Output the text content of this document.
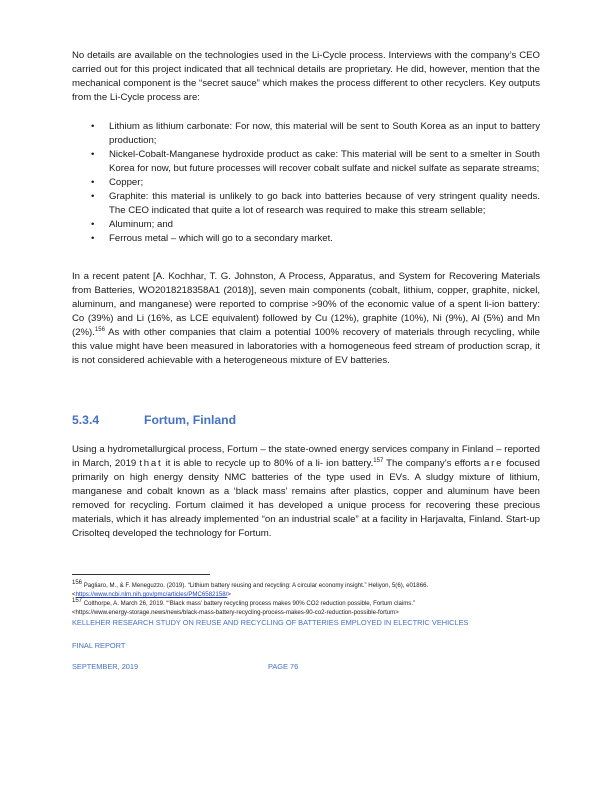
No details are available on the technologies used in the Li-Cycle process. Interviews with the company’s CEO carried out for this project indicated that all technical details are proprietary. He did, however, mention that the mechanical component is the “secret sauce” which makes the process different to other recyclers. Key outputs from the Li-Cycle process are:

• Lithium as lithium carbonate: For now, this material will be sent to South Korea as an input to battery production;
• Nickel-Cobalt-Manganese hydroxide product as cake: This material will be sent to a smelter in South Korea for now, but future processes will recover cobalt sulfate and nickel sulfate as separate streams;
• Copper;
• Graphite: this material is unlikely to go back into batteries because of very stringent quality needs. The CEO indicated that quite a lot of research was required to make this stream sellable;
• Aluminum; and
• Ferrous metal – which will go to a secondary market.

In a recent patent [A. Kochhar, T. G. Johnston, A Process, Apparatus, and System for Recovering Materials from Batteries, WO2018218358A1 (2018)], seven main components (cobalt, lithium, copper, graphite, nickel, aluminum, and manganese) were reported to comprise >90% of the economic value of a spent li-ion battery: Co (39%) and Li (16%, as LCE equivalent) followed by Cu (12%), graphite (10%), Ni (9%), Al (5%) and Mn (2%).$^{156}$ As with other companies that claim a potential 100% recovery of materials through recycling, while this value might have been measured in laboratories with a homogeneous feed stream of production scrap, it is not considered achievable with a heterogeneous mixture of EV batteries.

5.3.4	Fortum, Finland

Using a hydrometallurgical process, Fortum – the state-owned energy services company in Finland – reported in March, 2019 that it is able to recycle up to 80% of a li- ion battery.$^{157}$ The company’s efforts are focused primarily on high energy density NMC batteries of the type used in EVs. A sludgy mixture of lithium, manganese and cobalt known as a ‘black mass’ remains after plastics, copper and aluminum have been removed for recycling. Fortum claimed it has developed a unique process for recovering these precious materials, which it has already implemented “on an industrial scale” at a facility in Harjavalta, Finland. Start-up Crisolteq developed the technology for Fortum.

$^{156}$ Pagliaro, M., & F. Meneguzzo. (2019). “Lithium battery reusing and recycling: A circular economy insight.” Heliyon, 5(6), e01866.
<https://www.ncbi.nlm.nih.gov/pmc/articles/PMC6582158/>

$^{157}$ Colthorpe, A. March 26, 2019. “‘Black mass’ battery recycling process makes 90% CO2 reduction possible, Fortum claims.”
<https://www.energy-storage.news/news/black-mass-battery-recycling-process-makes-90-co2-reduction-possible-fortum>

KELLEHER RESEARCH STUDY ON REUSE AND RECYCLING OF BATTERIES EMPLOYED IN ELECTRIC VEHICLES

FINAL REPORT

SEPTEMBER, 2019	PAGE 76
